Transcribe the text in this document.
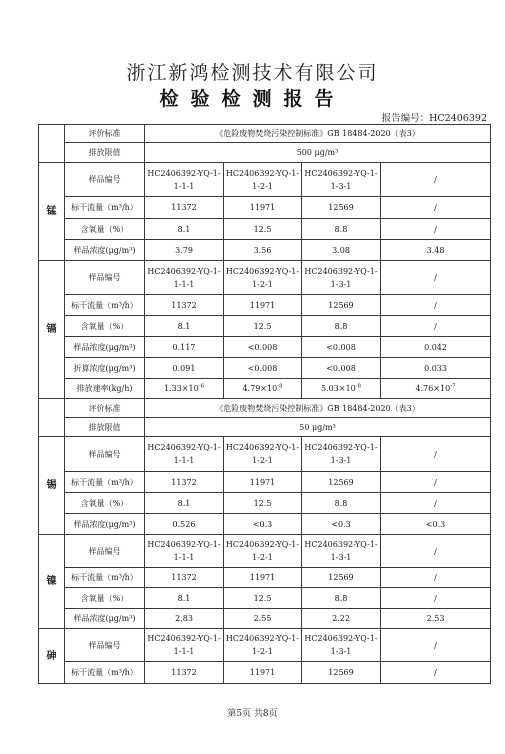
浙江新鸿检测技术有限公司
检验检测报告
报告编号：HC2406392
	评价标准	《危险废物焚烧污染控制标准》GB 18484-2020（表3）			
	排放限值	500 μg/m³			
锰	样品编号	HC2406392-YQ-1-1-1-1	HC2406392-YQ-1-1-2-1	HC2406392-YQ-1-1-3-1	/
	标干流量（m³/h）	11372	11971	12569	/
	含氧量（%）	8.1	12.5	8.8	/
	样品浓度(μg/m³)	3.79	3.56	3.08	3.48
镉	样品编号	HC2406392-YQ-1-1-1-1	HC2406392-YQ-1-1-2-1	HC2406392-YQ-1-1-3-1	/
	标干流量（m³/h）	11372	11971	12569	/
	含氧量（%）	8.1	12.5	8.8	/
	样品浓度(μg/m³)	0.117	<0.008	<0.008	0.042
	折算浓度(μg/m³)	0.091	<0.008	<0.008	0.033
	排放速率(kg/h)	$1.33\times 10^{-6}$	$4.79\times 10^{-8}$	$5.03\times 10^{-8}$	$4.76\times 10^{-7}$
	评价标准	《危险废物焚烧污染控制标准》GB 18484-2020（表3）			
	排放限值	50 μg/m³			
锡	样品编号	HC2406392-YQ-1-1-1-1	HC2406392-YQ-1-1-2-1	HC2406392-YQ-1-1-3-1	/
	标干流量（m³/h）	11372	11971	12569	/
	含氧量（%）	8.1	12.5	8.8	/
	样品浓度(μg/m³)	0.526	<0.3	<0.3	<0.3
镍	样品编号	HC2406392-YQ-1-1-1-1	HC2406392-YQ-1-1-2-1	HC2406392-YQ-1-1-3-1	/
	标干流量（m³/h）	11372	11971	12569	/
	含氧量（%）	8.1	12.5	8.8	/
	样品浓度(μg/m³)	2.83	2.55	2.22	2.53
砷	样品编号	HC2406392-YQ-1-1-1-1	HC2406392-YQ-1-1-2-1	HC2406392-YQ-1-1-3-1	/
	标干流量（m³/h）	11372	11971	12569	/
第5页 共8页
